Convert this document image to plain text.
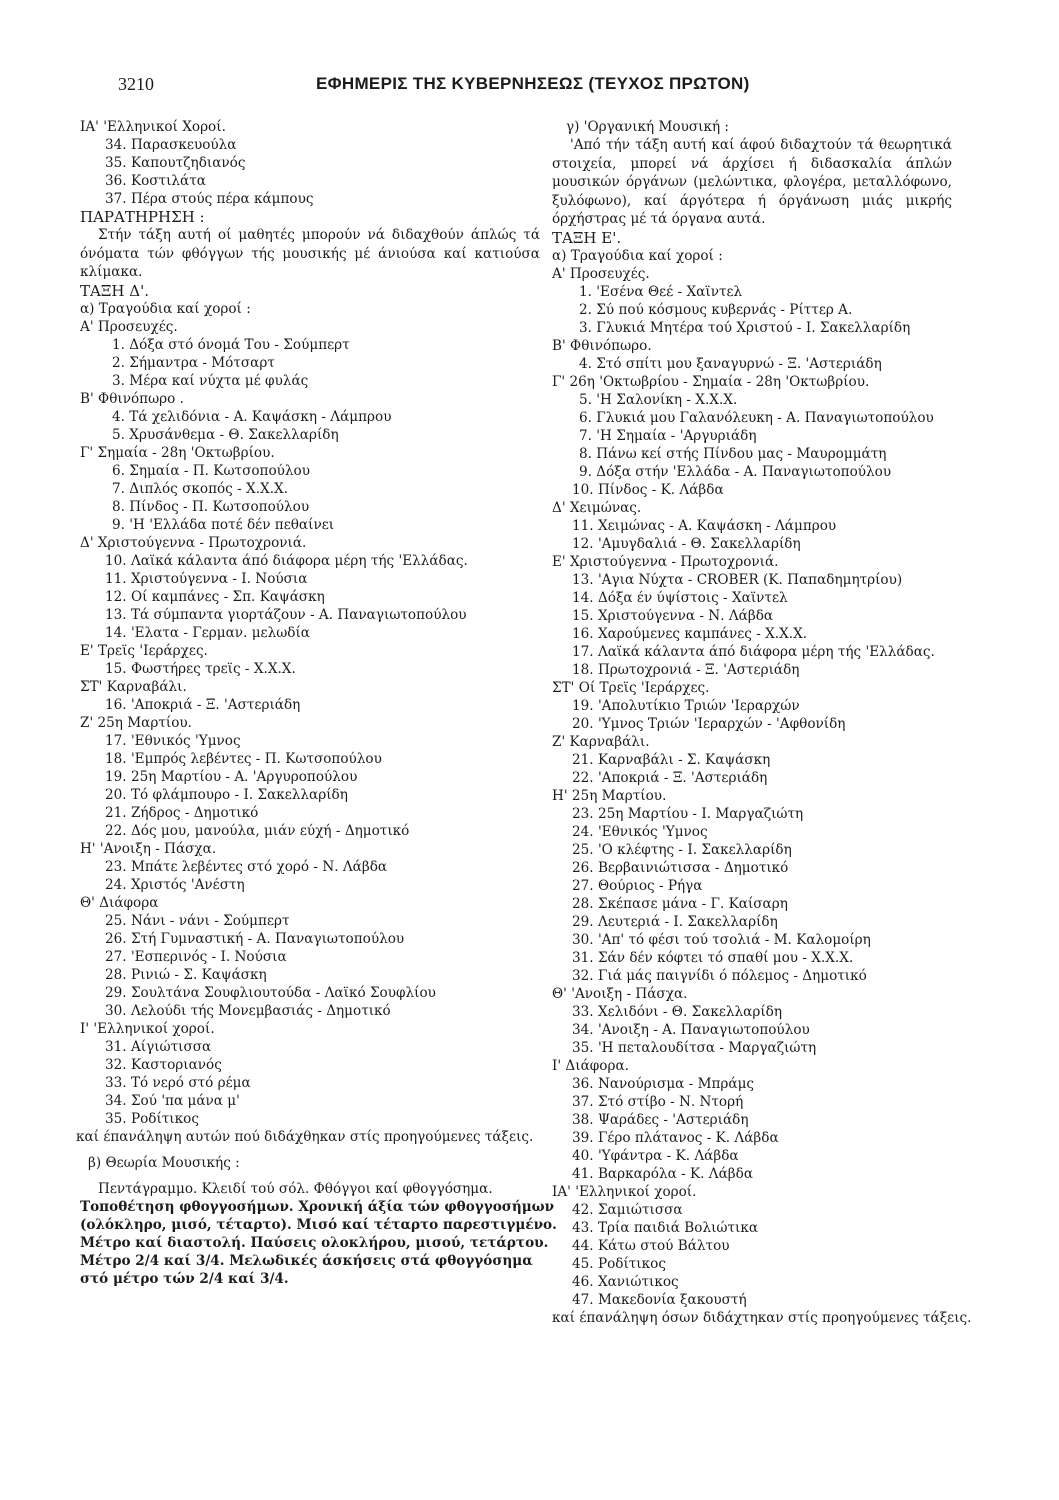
3210	ΕΦΗΜΕΡΙΣ ΤΗΣ ΚΥΒΕΡΝΗΣΕΩΣ (ΤΕΥΧΟΣ ΠΡΩΤΟΝ)
ΙΑ' 'Ελληνικοί Χοροί.
34. Παρασκευούλα
35. Καπουτζηδιανός
36. Κοστιλάτα
37. Πέρα στούς πέρα κάμπους
ΠΑΡΑΤΗΡΗΣΗ :
Στήν τάξη αυτή οί μαθητές μπορούν νά διδαχθούν άπλώς τά όνόματα τών φθόγγων τής μουσικής μέ άνιούσα καί κατιούσα κλίμακα.
ΤΑΞΗ Δ'.
α) Τραγούδια καί χοροί :
Α' Προσευχές.
1. Δόξα στό όνομά Του - Σούμπερτ
2. Σήμαντρα - Μότσαρτ
3. Μέρα καί νύχτα μέ φυλάς
Β' Φθινόπωρο .
4. Τά χελιδόνια - Α. Καψάσκη - Λάμπρου
5. Χρυσάνθεμα - Θ. Σακελλαρίδη
Γ' Σημαία - 28η 'Οκτωβρίου.
6. Σημαία - Π. Κωτσοπούλου
7. Διπλός σκοπός - Χ.Χ.Χ.
8. Πίνδος - Π. Κωτσοπούλου
9. 'Η 'Ελλάδα ποτέ δέν πεθαίνει
Δ' Χριστούγεννα - Πρωτοχρονιά.
10. Λαϊκά κάλαντα άπό διάφορα μέρη τής 'Ελλάδας.
11. Χριστούγεννα - Ι. Νούσια
12. Οί καμπάνες - Σπ. Καψάσκη
13. Τά σύμπαντα γιορτάζουν - Α. Παναγιωτοπούλου
14. 'Ελατα - Γερμαν. μελωδία
Ε' Τρεϊς 'Ιεράρχες.
15. Φωστήρες τρεϊς - Χ.Χ.Χ.
ΣΤ' Καρναβάλι.
16. 'Αποκριά - Ξ. 'Αστεριάδη
Ζ' 25η Μαρτίου.
17. 'Εθνικός 'Υμνος
18. 'Εμπρός λεβέντες - Π. Κωτσοπούλου
19. 25η Μαρτίου - Α. 'Αργυροπούλου
20. Τό φλάμπουρο - Ι. Σακελλαρίδη
21. Ζήδρος - Δημοτικό
22. Δός μου, μανούλα, μιάν εύχή - Δημοτικό
Η' 'Ανοιξη - Πάσχα.
23. Μπάτε λεβέντες στό χορό - Ν. Λάβδα
24. Χριστός 'Ανέστη
Θ' Διάφορα
25. Νάνι - νάνι - Σούμπερτ
26. Στή Γυμναστική - Α. Παναγιωτοπούλου
27. 'Εσπερινός - Ι. Νούσια
28. Ρινιώ - Σ. Καψάσκη
29. Σουλτάνα Σουφλιουτούδα - Λαϊκό Σουφλίου
30. Λελούδι τής Μονεμβασιάς - Δημοτικό
Ι' 'Ελληνικοί χοροί.
31. Αίγιώτισσα
32. Καστοριανός
33. Τό νερό στό ρέμα
34. Σού 'πα μάνα μ'
35. Ροδίτικος
καί έπανάληψη αυτών πού διδάχθηκαν στίς προηγούμενες τάξεις.
β) Θεωρία Μουσικής :
Πεντάγραμμο. Κλειδί τού σόλ. Φθόγγοι καί φθογγόσημα.
Τοποθέτηση φθογγοσήμων. Χρονική άξία τών φθογγοσήμων
(ολόκληρο, μισό, τέταρτο). Μισό καί τέταρτο παρεστιγμένο.
Μέτρο καί διαστολή. Παύσεις ολοκλήρου, μισού, τετάρτου.
Μέτρο 2/4 καί 3/4. Μελωδικές άσκήσεις στά φθογγόσημα
στό μέτρο τών 2/4 καί 3/4.
γ) 'Οργανική Μουσική :
'Από τήν τάξη αυτή καί άφού διδαχτούν τά θεωρητικά στοιχεία, μπορεί νά άρχίσει ή διδασκαλία άπλών μουσικών όργάνων (μελώντικα, φλογέρα, μεταλλόφωνο, ξυλόφωνο), καί άργότερα ή όργάνωση μιάς μικρής όρχήστρας μέ τά όργανα αυτά.
ΤΑΞΗ Ε'.
α) Τραγούδια καί χοροί :
Α' Προσευχές.
1. 'Εσένα Θεέ - Χαϊντελ
2. Σύ πού κόσμους κυβερνάς - Ρίττερ Α.
3. Γλυκιά Μητέρα τού Χριστού - Ι. Σακελλαρίδη
Β' Φθινόπωρο.
4. Στό σπίτι μου ξαναγυρνώ - Ξ. 'Αστεριάδη
Γ' 26η 'Οκτωβρίου - Σημαία - 28η 'Οκτωβρίου.
5. 'Η Σαλονίκη - Χ.Χ.Χ.
6. Γλυκιά μου Γαλανόλευκη - Α. Παναγιωτοπούλου
7. 'Η Σημαία - 'Αργυριάδη
8. Πάνω κεί στής Πίνδου μας - Μαυρομμάτη
9. Δόξα στήν 'Ελλάδα - Α. Παναγιωτοπούλου
10. Πίνδος - Κ. Λάβδα
Δ' Χειμώνας.
11. Χειμώνας - Α. Καψάσκη - Λάμπρου
12. 'Αμυγδαλιά - Θ. Σακελλαρίδη
Ε' Χριστούγεννα - Πρωτοχρονιά.
13. 'Αγια Νύχτα - CROBER (Κ. Παπαδημητρίου)
14. Δόξα έν ύψίστοις - Χαϊντελ
15. Χριστούγεννα - Ν. Λάβδα
16. Χαρούμενες καμπάνες - Χ.Χ.Χ.
17. Λαϊκά κάλαντα άπό διάφορα μέρη τής 'Ελλάδας.
18. Πρωτοχρονιά - Ξ. 'Αστεριάδη
ΣΤ' Οί Τρεϊς 'Ιεράρχες.
19. 'Απολυτίκιο Τριών 'Ιεραρχών
20. 'Υμνος Τριών 'Ιεραρχών - 'Αφθονίδη
Ζ' Καρναβάλι.
21. Καρναβάλι - Σ. Καψάσκη
22. 'Αποκριά - Ξ. 'Αστεριάδη
Η' 25η Μαρτίου.
23. 25η Μαρτίου - Ι. Μαργαζιώτη
24. 'Εθνικός 'Υμνος
25. 'Ο κλέφτης - Ι. Σακελλαρίδη
26. Βερβαινιώτισσα - Δημοτικό
27. Θούριος - Ρήγα
28. Σκέπασε μάνα - Γ. Καίσαρη
29. Λευτεριά - Ι. Σακελλαρίδη
30. 'Απ' τό φέσι τού τσολιά - Μ. Καλομοίρη
31. Σάν δέν κόφτει τό σπαθί μου - Χ.Χ.Χ.
32. Γιά μάς παιγνίδι ό πόλεμος - Δημοτικό
Θ' 'Ανοιξη - Πάσχα.
33. Χελιδόνι - Θ. Σακελλαρίδη
34. 'Ανοιξη - Α. Παναγιωτοπούλου
35. 'Η πεταλουδίτσα - Μαργαζιώτη
Ι' Διάφορα.
36. Νανούρισμα - Μπράμς
37. Στό στίβο - Ν. Ντορή
38. Ψαράδες - 'Αστεριάδη
39. Γέρο πλάτανος - Κ. Λάβδα
40. 'Υφάντρα - Κ. Λάβδα
41. Βαρκαρόλα - Κ. Λάβδα
ΙΑ' 'Ελληνικοί χοροί.
42. Σαμιώτισσα
43. Τρία παιδιά Βολιώτικα
44. Κάτω στού Βάλτου
45. Ροδίτικος
46. Χανιώτικος
47. Μακεδονία ξακουστή
καί έπανάληψη όσων διδάχτηκαν στίς προηγούμενες τάξεις.
